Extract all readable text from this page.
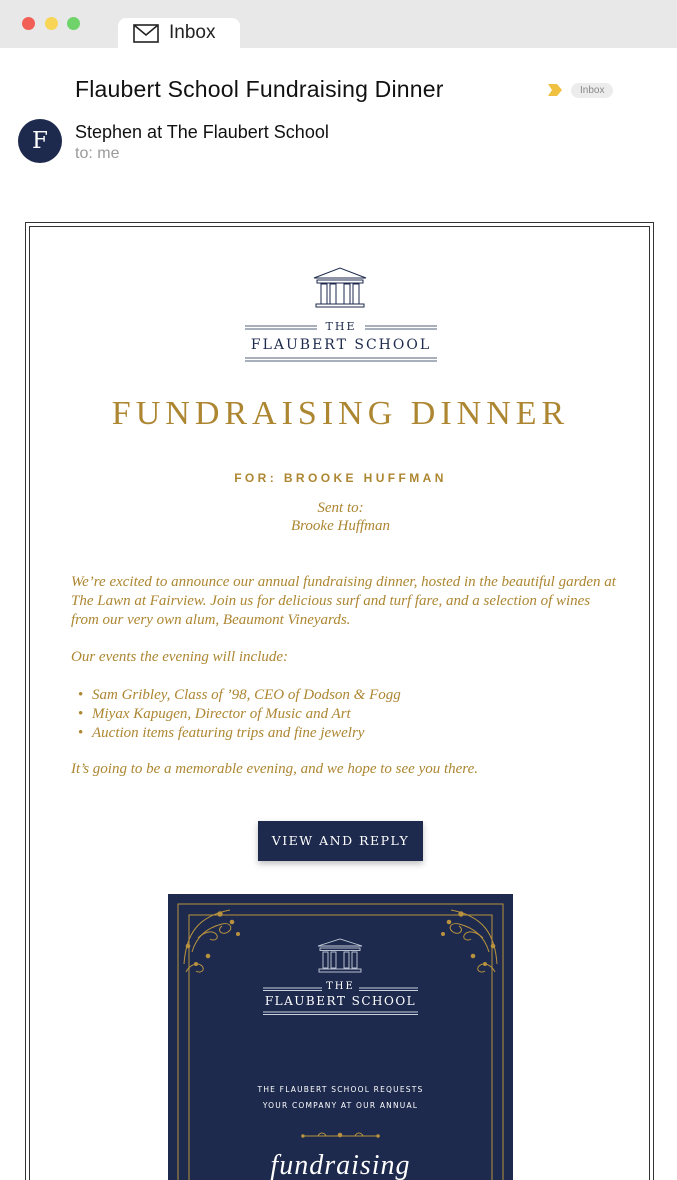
Inbox
Flaubert School Fundraising Dinner	Inbox
F	Stephen at The Flaubert School
to: me
THE
FLAUBERT SCHOOL
FUNDRAISING DINNER
FOR: BROOKE HUFFMAN
Sent to:
Brooke Huffman
We’re excited to announce our annual fundraising dinner, hosted in the beautiful garden at The Lawn at Fairview. Join us for delicious surf and turf fare, and a selection of wines from our very own alum, Beaumont Vineyards.
Our events the evening will include:
• Sam Gribley, Class of ’98, CEO of Dodson & Fogg
• Miyax Kapugen, Director of Music and Art
• Auction items featuring trips and fine jewelry
It’s going to be a memorable evening, and we hope to see you there.
VIEW AND REPLY
THE
FLAUBERT SCHOOL
THE FLAUBERT SCHOOL REQUESTS
YOUR COMPANY AT OUR ANNUAL
fundraising
